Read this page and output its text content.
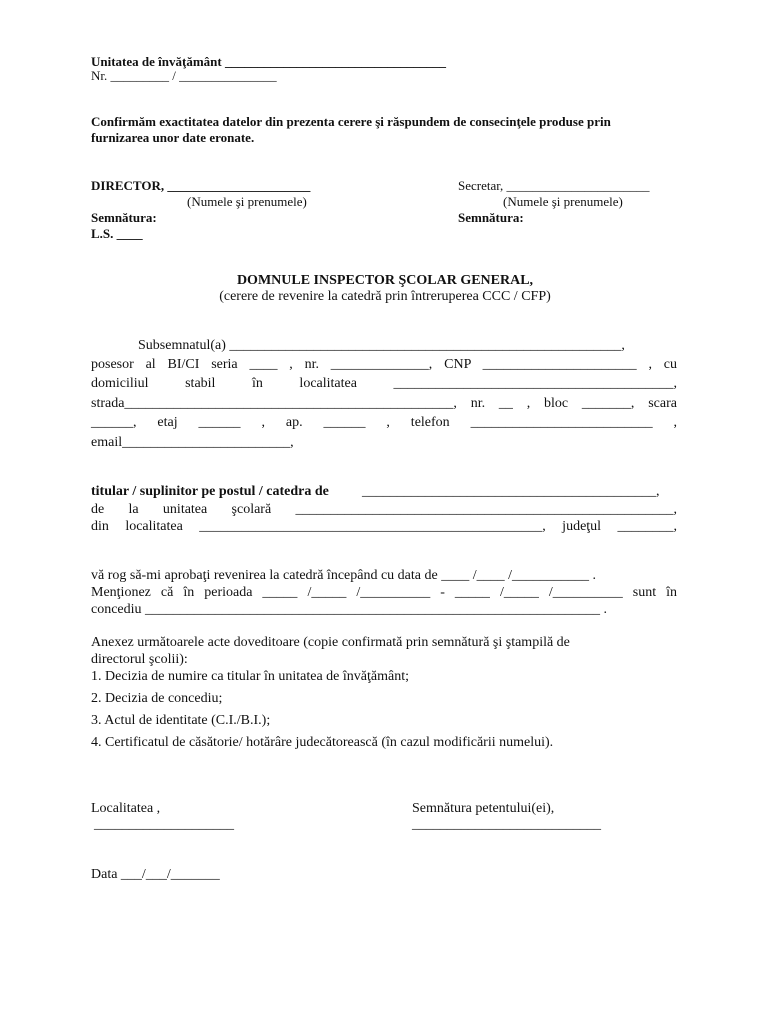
Unitatea de învăţământ __________________________________
Nr. _________ / _______________
Confirmăm exactitatea datelor din prezenta cerere şi răspundem de consecinţele produse prin
furnizarea unor date eronate.
DIRECTOR, ______________________
(Numele şi prenumele)
Semnătura:
L.S. ____
Secretar, ______________________
(Numele şi prenumele)
Semnătura:
DOMNULE INSPECTOR ŞCOLAR GENERAL,
(cerere de revenire la catedră prin întreruperea CCC / CFP)
Subsemnatul(a) ________________________________________________________,
posesor al BI/CI seria ____ , nr. ______________, CNP ______________________ , cu
domiciliul stabil în localitatea ________________________________________,
strada_______________________________________________, nr. __ , bloc _______, scara
______, etaj ______ , ap. ______ , telefon __________________________ ,
email________________________,
titular / suplinitor pe postul / catedra de __________________________________________,
de la unitatea şcolară ______________________________________________________,
din localitatea _________________________________________________, judeţul ________,
vă rog să-mi aprobaţi revenirea la catedră începând cu data de ____ /____ /___________ .
Menţionez că în perioada _____ /_____ /__________ - _____ /_____ /__________ sunt în
concediu _________________________________________________________________ .
Anexez următoarele acte doveditoare (copie confirmată prin semnătură şi ştampilă de
directorul şcolii):
1. Decizia de numire ca titular în unitatea de învăţământ;
2. Decizia de concediu;
3. Actul de identitate (C.I./B.I.);
4. Certificatul de căsătorie/ hotărâre judecătorească (în cazul modificării numelui).
Localitatea ,
____________________
Semnătura petentului(ei),
___________________________
Data ___/___/_______
